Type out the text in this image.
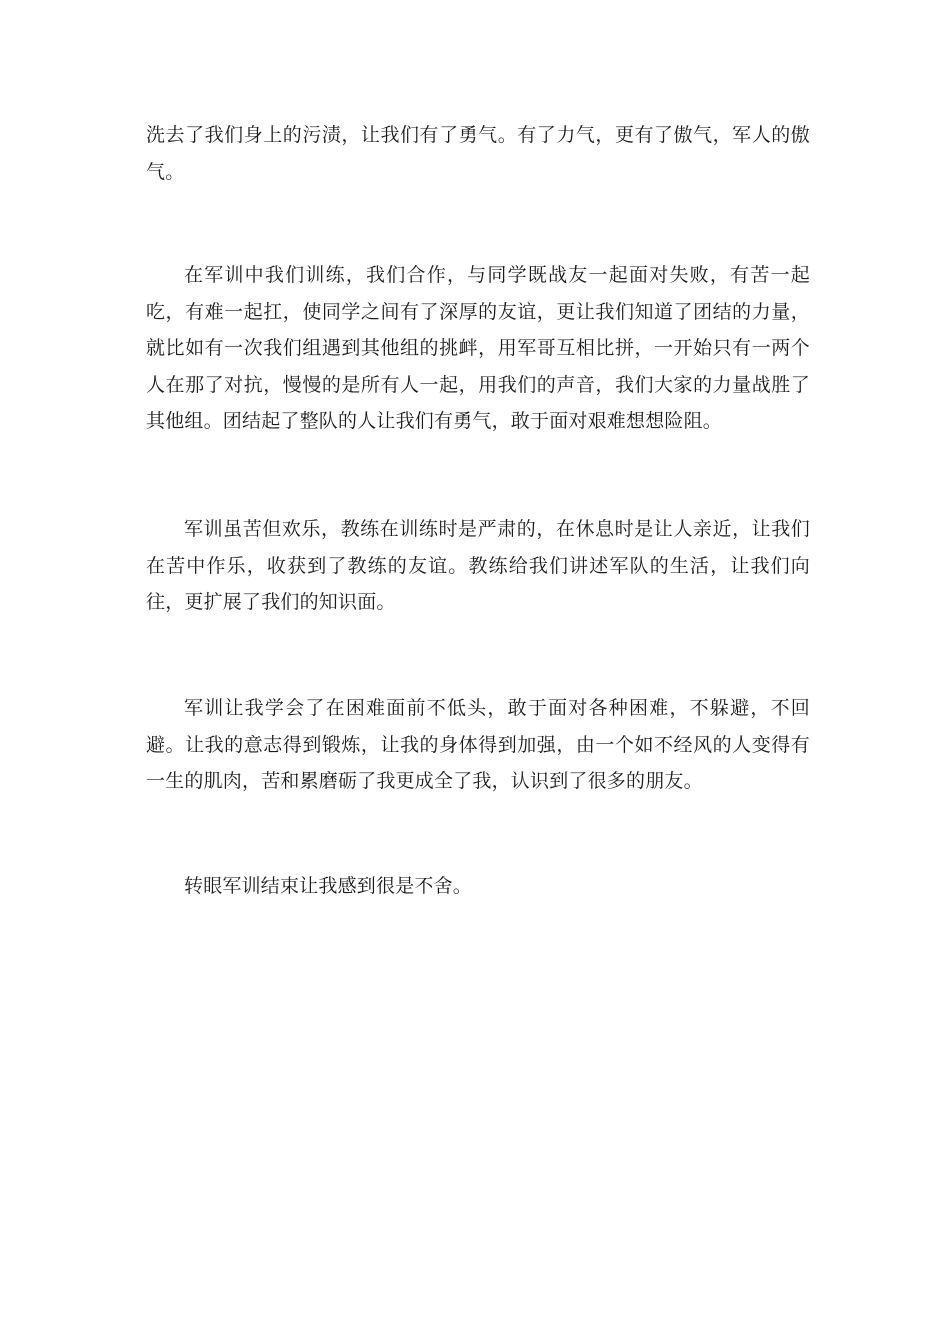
洗去了我们身上的污渍，让我们有了勇气。有了力气，更有了傲气，军人的傲气。

在军训中我们训练，我们合作，与同学既战友一起面对失败，有苦一起吃，有难一起扛，使同学之间有了深厚的友谊，更让我们知道了团结的力量，就比如有一次我们组遇到其他组的挑衅，用军哥互相比拼，一开始只有一两个人在那了对抗，慢慢的是所有人一起，用我们的声音，我们大家的力量战胜了其他组。团结起了整队的人让我们有勇气，敢于面对艰难想想险阻。

军训虽苦但欢乐，教练在训练时是严肃的，在休息时是让人亲近，让我们在苦中作乐，收获到了教练的友谊。教练给我们讲述军队的生活，让我们向往，更扩展了我们的知识面。

军训让我学会了在困难面前不低头，敢于面对各种困难，不躲避，不回避。让我的意志得到锻炼，让我的身体得到加强，由一个如不经风的人变得有一生的肌肉，苦和累磨砺了我更成全了我，认识到了很多的朋友。

转眼军训结束让我感到很是不舍。
